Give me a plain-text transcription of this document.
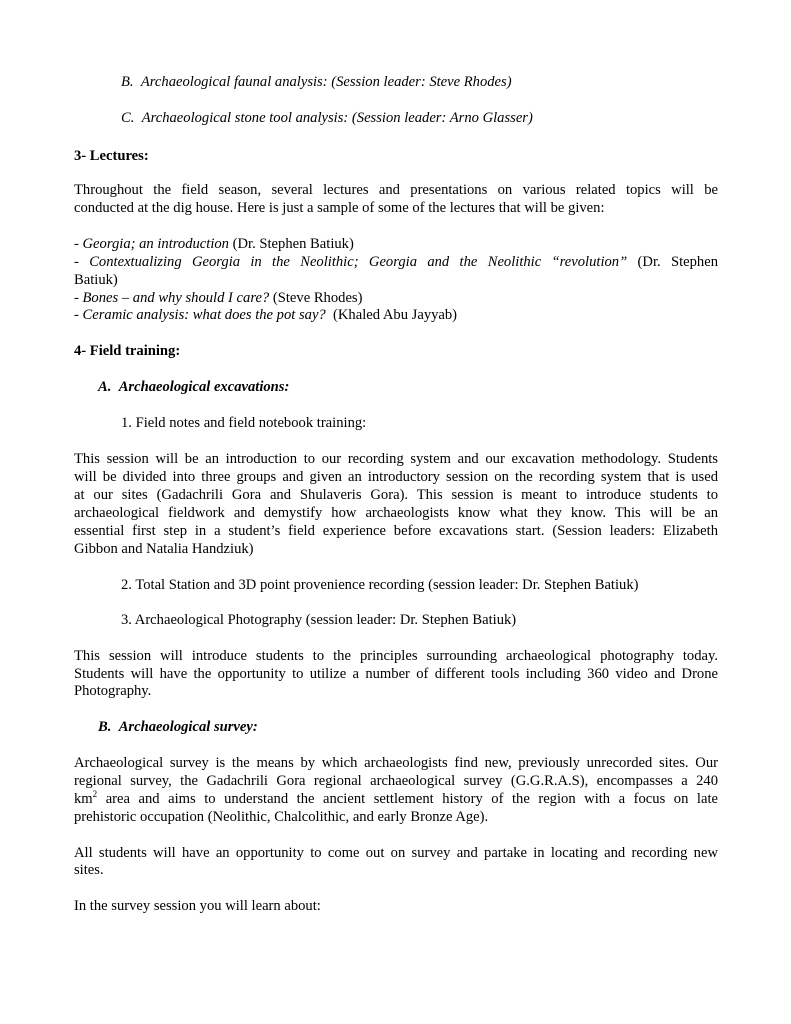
B. Archaeological faunal analysis: (Session leader: Steve Rhodes)
C. Archaeological stone tool analysis: (Session leader: Arno Glasser)
3- Lectures:
Throughout the field season, several lectures and presentations on various related topics will be
conducted at the dig house. Here is just a sample of some of the lectures that will be given:
- Georgia; an introduction (Dr. Stephen Batiuk)
- Contextualizing Georgia in the Neolithic; Georgia and the Neolithic “revolution” (Dr. Stephen
Batiuk)
- Bones – and why should I care? (Steve Rhodes)
- Ceramic analysis: what does the pot say?  (Khaled Abu Jayyab)
4- Field training:
A. Archaeological excavations:
1. Field notes and field notebook training:
This session will be an introduction to our recording system and our excavation methodology. Students
will be divided into three groups and given an introductory session on the recording system that is used
at our sites (Gadachrili Gora and Shulaveris Gora). This session is meant to introduce students to
archaeological fieldwork and demystify how archaeologists know what they know. This will be an
essential first step in a student’s field experience before excavations start. (Session leaders: Elizabeth
Gibbon and Natalia Handziuk)
2. Total Station and 3D point provenience recording (session leader: Dr. Stephen Batiuk)
3. Archaeological Photography (session leader: Dr. Stephen Batiuk)
This session will introduce students to the principles surrounding archaeological photography today.
Students will have the opportunity to utilize a number of different tools including 360 video and Drone
Photography.
B. Archaeological survey:
Archaeological survey is the means by which archaeologists find new, previously unrecorded sites. Our
regional survey, the Gadachrili Gora regional archaeological survey (G.G.R.A.S), encompasses a 240
$km^2$ area and aims to understand the ancient settlement history of the region with a focus on late
prehistoric occupation (Neolithic, Chalcolithic, and early Bronze Age).
All students will have an opportunity to come out on survey and partake in locating and recording new
sites.
In the survey session you will learn about:
